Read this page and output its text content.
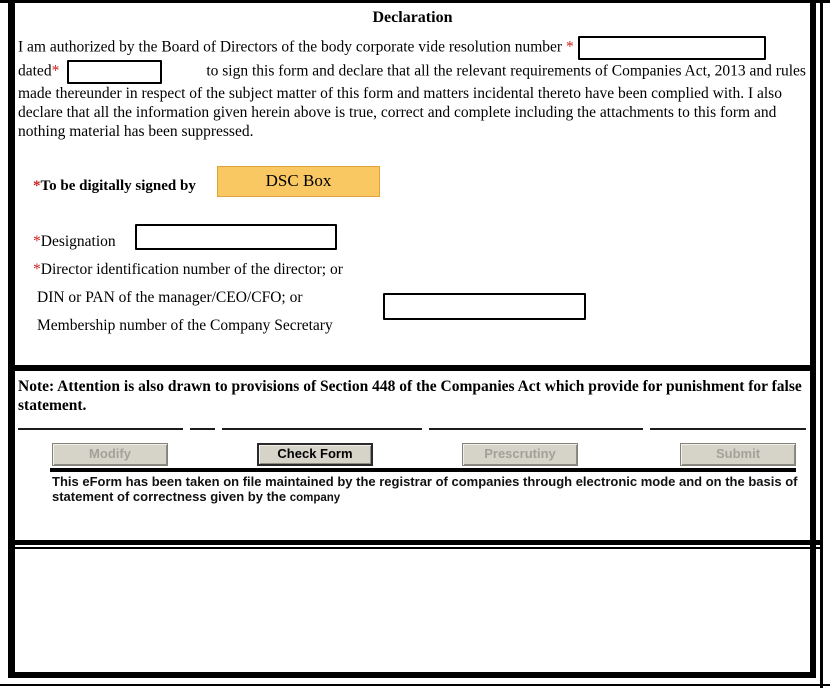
Declaration
I am authorized by the Board of Directors of the body corporate vide resolution number *
dated*	to sign this form and declare that all the relevant requirements of Companies Act, 2013 and rules made thereunder in respect of the subject matter of this form and matters incidental thereto have been complied with. I also declare that all the information given herein above is true, correct and complete including the attachments to this form and nothing material has been suppressed.
*To be digitally signed by	DSC Box
*Designation
*Director identification number of the director; or
DIN or PAN of the manager/CEO/CFO; or
Membership number of the Company Secretary
Note: Attention is also drawn to provisions of Section 448 of the Companies Act which provide for punishment for false statement.
Modify	Check Form	Prescrutiny	Submit
This eForm has been taken on file maintained by the registrar of companies through electronic mode and on the basis of statement of correctness given by the company
